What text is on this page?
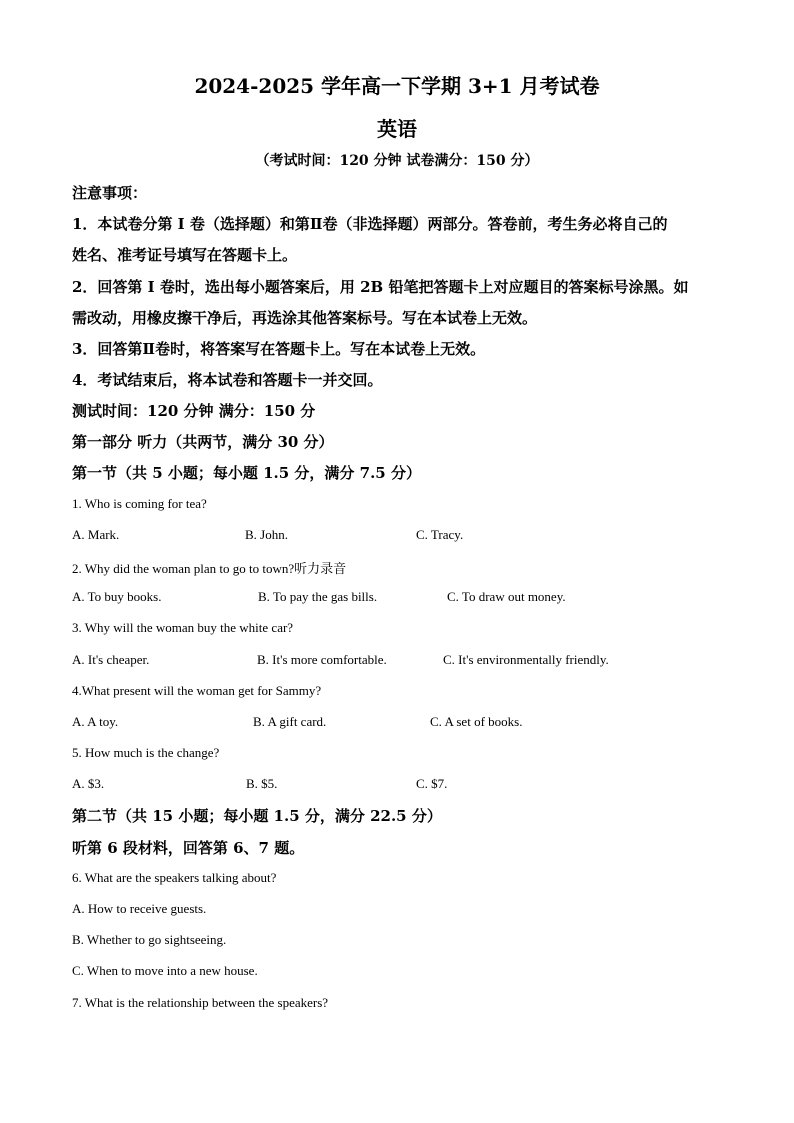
2024-2025 学年高一下学期 3+1 月考试卷
英语
（考试时间：120 分钟 试卷满分：150 分）
注意事项：
1．本试卷分第 I 卷（选择题）和第Ⅱ卷（非选择题）两部分。答卷前，考生务必将自己的
姓名、准考证号填写在答题卡上。
2．回答第 I 卷时，选出每小题答案后，用 2B 铅笔把答题卡上对应题目的答案标号涂黑。如
需改动，用橡皮擦干净后，再选涂其他答案标号。写在本试卷上无效。
3．回答第Ⅱ卷时，将答案写在答题卡上。写在本试卷上无效。
4．考试结束后，将本试卷和答题卡一并交回。
测试时间：120 分钟 满分：150 分
第一部分 听力（共两节，满分 30 分）
第一节（共 5 小题；每小题 1.5 分，满分 7.5 分）
1. Who is coming for tea?
A. Mark.	B. John.	C. Tracy.
2. Why did the woman plan to go to town?听力录音
A. To buy books.	B. To pay the gas bills.	C. To draw out money.
3. Why will the woman buy the white car?
A. It's cheaper.	B. It's more comfortable.	C. It's environmentally friendly.
4.What present will the woman get for Sammy?
A. A toy.	B. A gift card.	C. A set of books.
5. How much is the change?
A. $3.	B. $5.	C. $7.
第二节（共 15 小题；每小题 1.5 分，满分 22.5 分）
听第 6 段材料，回答第 6、7 题。
6. What are the speakers talking about?
A. How to receive guests.
B. Whether to go sightseeing.
C. When to move into a new house.
7. What is the relationship between the speakers?
